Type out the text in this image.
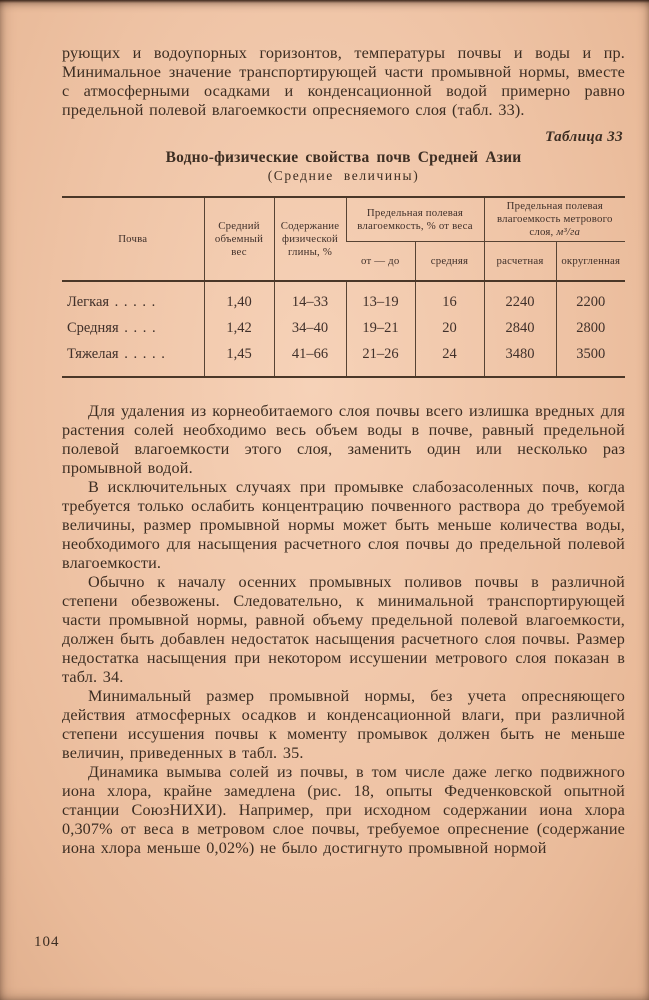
рующих и водоупорных горизонтов, температуры почвы и воды и пр. Минимальное значение транспортирующей части промывной нормы, вместе с атмосферными осадками и конденсационной водой примерно равно предельной полевой влагоемкости опресняемого слоя (табл. 33).

Таблица 33
Водно-физические свойства почв Средней Азии
(Средние величины)
Почва	Средний объемный вес	Содержание физической глины, %	Предельная полевая влагоемкость, % от веса		Предельная полевая влагоемкость метрового слоя, м³/га	
			от — до	средняя	расчетная	округленная
Легкая . . . . .	1,40	14–33	13–19	16	2240	2200
Средняя . . . .	1,42	34–40	19–21	20	2840	2800
Тяжелая . . . . .	1,45	41–66	21–26	24	3480	3500

Для удаления из корнеобитаемого слоя почвы всего излишка вредных для растения солей необходимо весь объем воды в почве, равный предельной полевой влагоемкости этого слоя, заменить один или несколько раз промывной водой.

В исключительных случаях при промывке слабозасоленных почв, когда требуется только ослабить концентрацию почвенного раствора до требуемой величины, размер промывной нормы может быть меньше количества воды, необходимого для насыщения расчетного слоя почвы до предельной полевой влагоемкости.

Обычно к началу осенних промывных поливов почвы в различной степени обезвожены. Следовательно, к минимальной транспортирующей части промывной нормы, равной объему предельной полевой влагоемкости, должен быть добавлен недостаток насыщения расчетного слоя почвы. Размер недостатка насыщения при некотором иссушении метрового слоя показан в табл. 34.

Минимальный размер промывной нормы, без учета опресняющего действия атмосферных осадков и конденсационной влаги, при различной степени иссушения почвы к моменту промывок должен быть не меньше величин, приведенных в табл. 35.

Динамика вымыва солей из почвы, в том числе даже легко подвижного иона хлора, крайне замедлена (рис. 18, опыты Федченковской опытной станции СоюзНИХИ). Например, при исходном содержании иона хлора 0,307% от веса в метровом слое почвы, требуемое опреснение (содержание иона хлора меньше 0,02%) не было достигнуто промывной нормой

104
